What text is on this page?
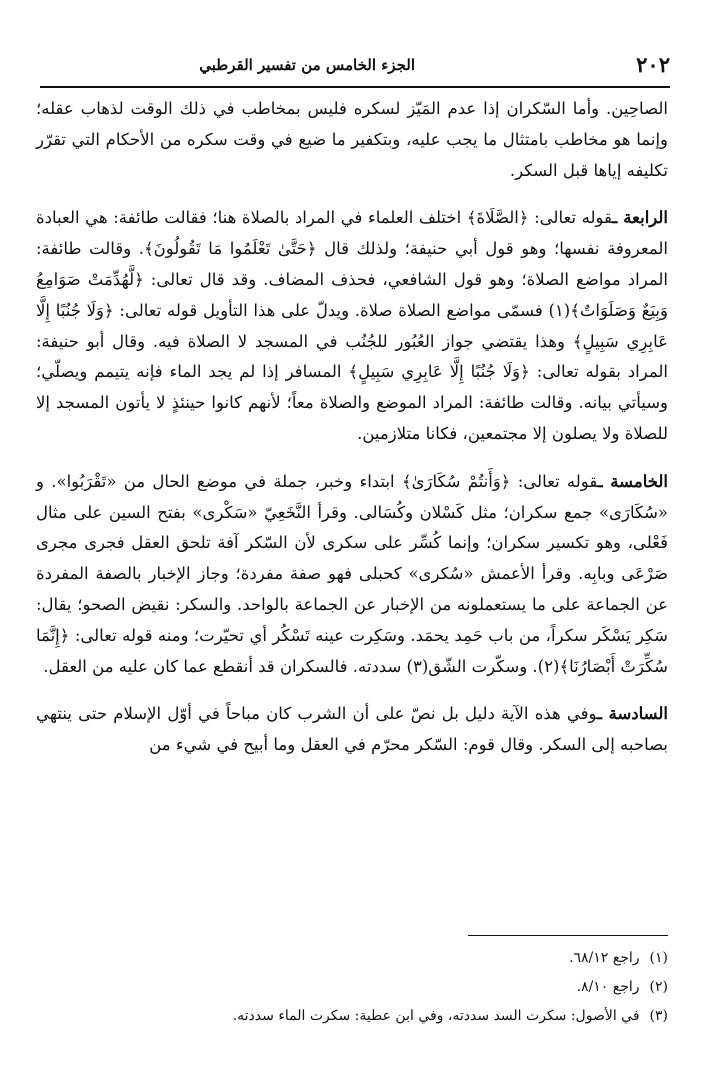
٢٠٢
الجزء الخامس من تفسير القرطبي

الصاحِين. وأما السّكران إذا عدم المَيّز لسكره فليس بمخاطب في ذلك الوقت لذهاب عقله؛ وإنما هو مخاطب بامتثال ما يجب عليه، وبتكفير ما ضيع في وقت سكره من الأحكام التي تقرّر تكليفه إياها قبل السكر.

الرابعة ـقوله تعالى: ﴿الصَّلَاةَ﴾ اختلف العلماء في المراد بالصلاة هنا؛ فقالت طائفة: هي العبادة المعروفة نفسها؛ وهو قول أبي حنيفة؛ ولذلك قال ﴿حَتَّىٰ تَعْلَمُوا مَا تَقُولُونَ﴾. وقالت طائفة: المراد مواضع الصلاة؛ وهو قول الشافعي، فحذف المضاف. وقد قال تعالى: ﴿لَّهُدِّمَتْ صَوَامِعُ وَبِيَعٌ وَصَلَوَاتٌ﴾(١) فسمّى مواضع الصلاة صلاة. ويدلّ على هذا التأويل قوله تعالى: ﴿وَلَا جُنُبًا إِلَّا عَابِرِي سَبِيلٍ﴾ وهذا يقتضي جواز العُبُور للجُنُب في المسجد لا الصلاة فيه. وقال أبو حنيفة: المراد بقوله تعالى: ﴿وَلَا جُنُبًا إِلَّا عَابِرِي سَبِيلٍ﴾ المسافر إذا لم يجد الماء فإنه يتيمم ويصلّي؛ وسيأتي بيانه. وقالت طائفة: المراد الموضع والصلاة معاً؛ لأنهم كانوا حينئذٍ لا يأتون المسجد إلا للصلاة ولا يصلون إلا مجتمعين، فكانا متلازمين.

الخامسة ـقوله تعالى: ﴿وَأَنتُمْ سُكَارَىٰ﴾ ابتداء وخبر، جملة في موضع الحال من «تَقْرَبُوا». و «سُكَارَى» جمع سكران؛ مثل كَسْلان وكُسَالى. وقرأ النَّخَعِيّ «سَكْرى» بفتح السين على مثال فَعْلى، وهو تكسير سكران؛ وإنما كُسِّر على سكرى لأن السّكر آفة تلحق العقل فجرى مجرى صَرْعَى وبابِه. وقرأ الأعمش «سُكرى» كحبلى فهو صفة مفردة؛ وجاز الإخبار بالصفة المفردة عن الجماعة على ما يستعملونه من الإخبار عن الجماعة بالواحد. والسكر: نقيض الصحو؛ يقال: سَكِر يَسْكَر سكراً، من باب حَمِد يحمَد. وسَكِرت عينه تَسْكُر أي تحيّرت؛ ومنه قوله تعالى: ﴿إِنَّمَا سُكِّرَتْ أَبْصَارُنَا﴾(٢). وسكّرت الشّق(٣) سددته. فالسكران قد أنقطع عما كان عليه من العقل.

السادسة ـوفي هذه الآية دليل بل نصّ على أن الشرب كان مباحاً في أوّل الإسلام حتى ينتهي بصاحبه إلى السكر. وقال قوم: السّكر محرّم في العقل وما أبيح في شيء من

(١)راجع ٦٨/١٢.

(٢)راجع ٨/١٠.

(٣)في الأصول: سكرت السد سددته، وفي ابن عطية: سكرت الماء سددته.
